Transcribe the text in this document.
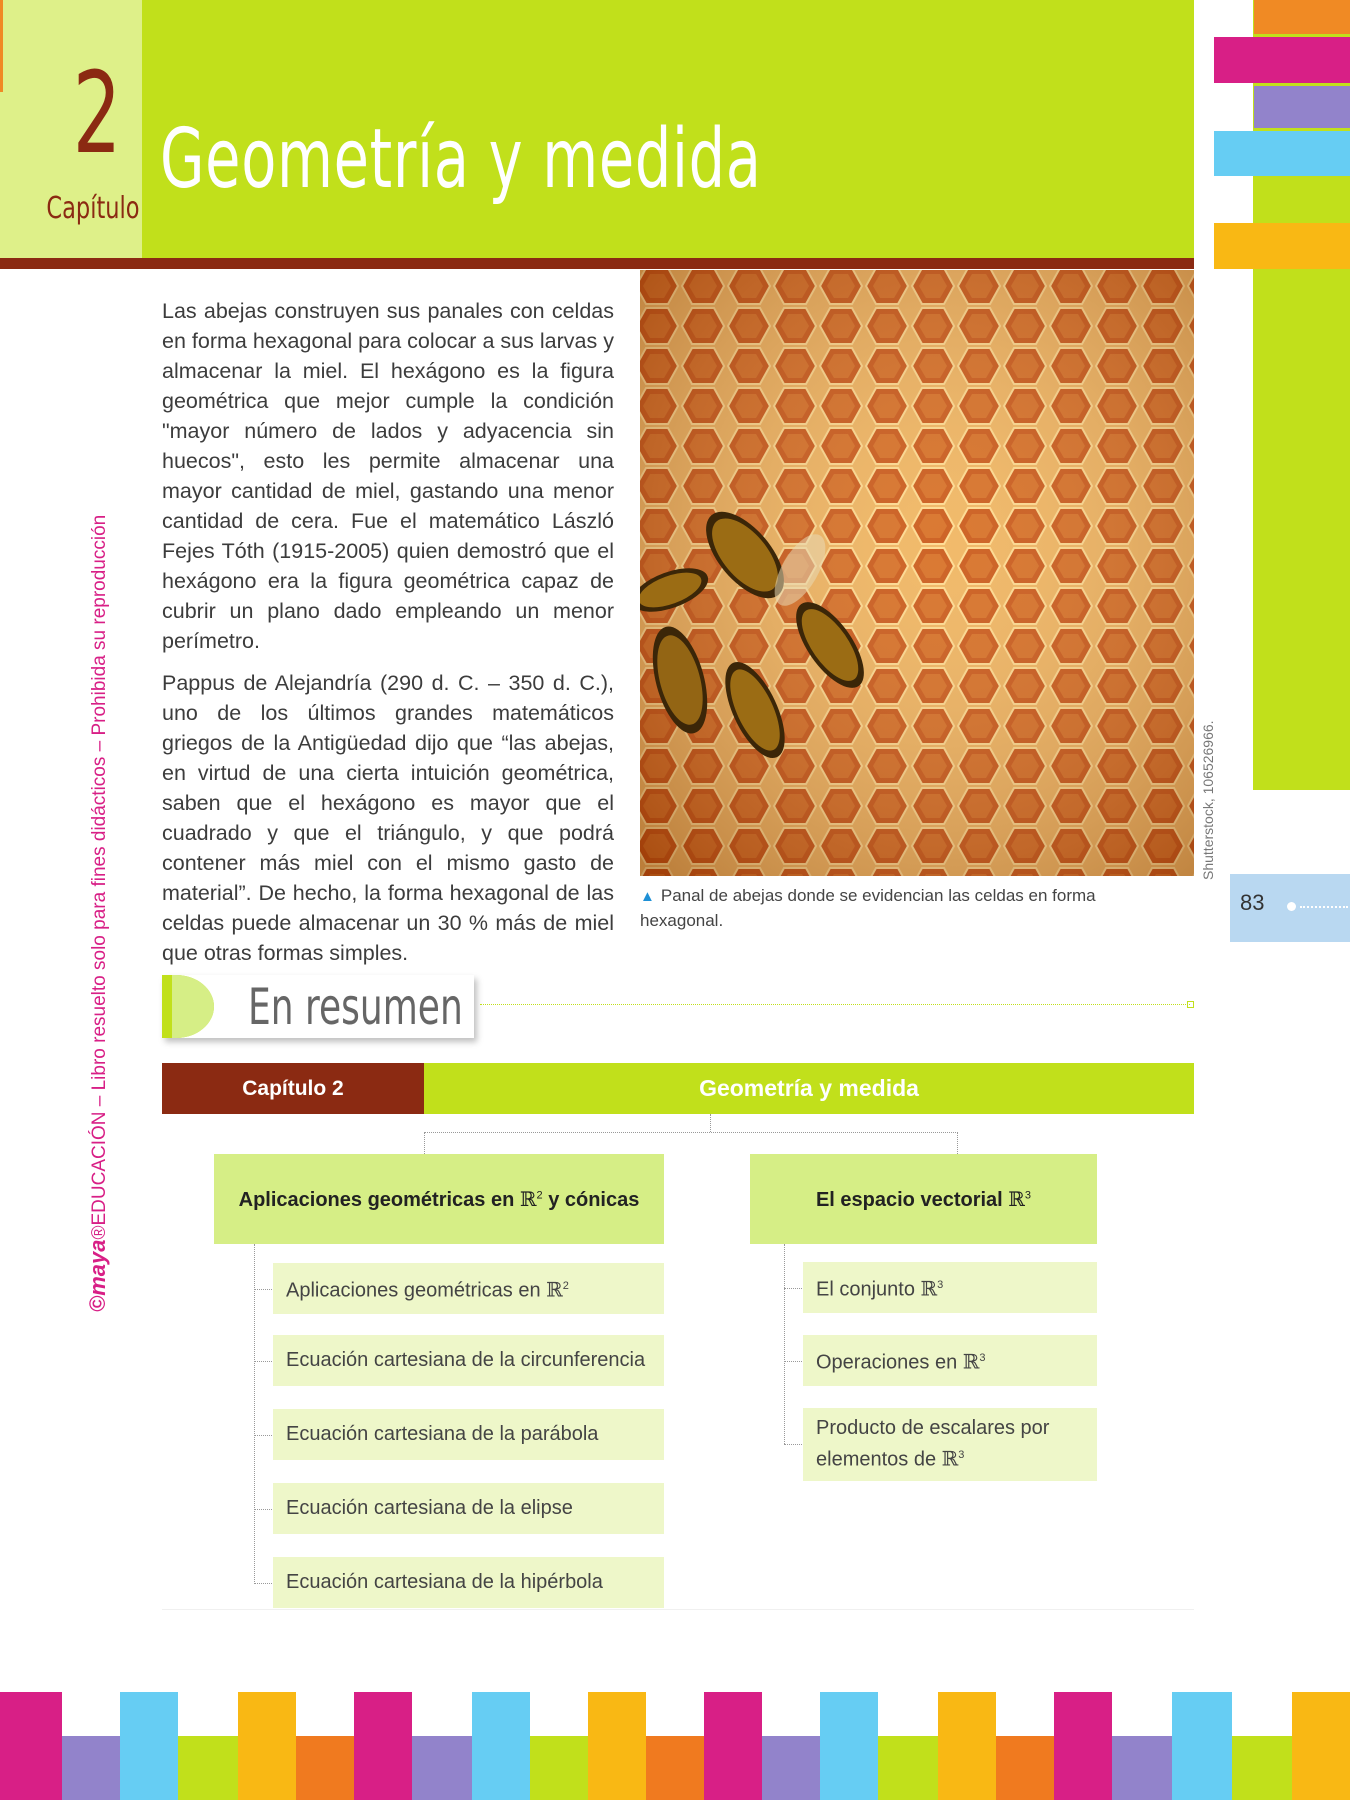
2
Capítulo
Geometría y medida
Capítulo 2: Geometría y medida
Shutterstock, 106526966.
83
©maya®EDUCACIÓN – Libro resuelto solo para fines didácticos – Prohibida su reproducción

Las abejas construyen sus panales con celdas en forma hexagonal para colocar a sus larvas y almacenar la miel. El hexágono es la figura geométrica que mejor cumple la condición "mayor número de lados y adyacencia sin huecos", esto les permite almacenar una mayor cantidad de miel, gastando una menor cantidad de cera. Fue el matemático László Fejes Tóth (1915-2005) quien demostró que el hexágono era la figura geométrica capaz de cubrir un plano dado empleando un menor perímetro.

Pappus de Alejandría (290 d. C. – 350 d. C.), uno de los últimos grandes matemáticos griegos de la Antigüedad dijo que “las abejas, en virtud de una cierta intuición geométrica, saben que el hexágono es mayor que el cuadrado y que el triángulo, y que podrá contener más miel con el mismo gasto de material”. De hecho, la forma hexagonal de las celdas puede almacenar un 30 % más de miel que otras formas simples.

▲ Panal de abejas donde se evidencian las celdas en forma hexagonal.
En resumen
Capítulo 2	Geometría y medida
Aplicaciones geométricas en ℝ$^2$ y cónicas
Aplicaciones geométricas en ℝ$^2$
Ecuación cartesiana de la circunferencia
Ecuación cartesiana de la parábola
Ecuación cartesiana de la elipse
Ecuación cartesiana de la hipérbola
El espacio vectorial ℝ$^3$
El conjunto ℝ$^3$
Operaciones en ℝ$^3$
Producto de escalares por elementos de ℝ$^3$
